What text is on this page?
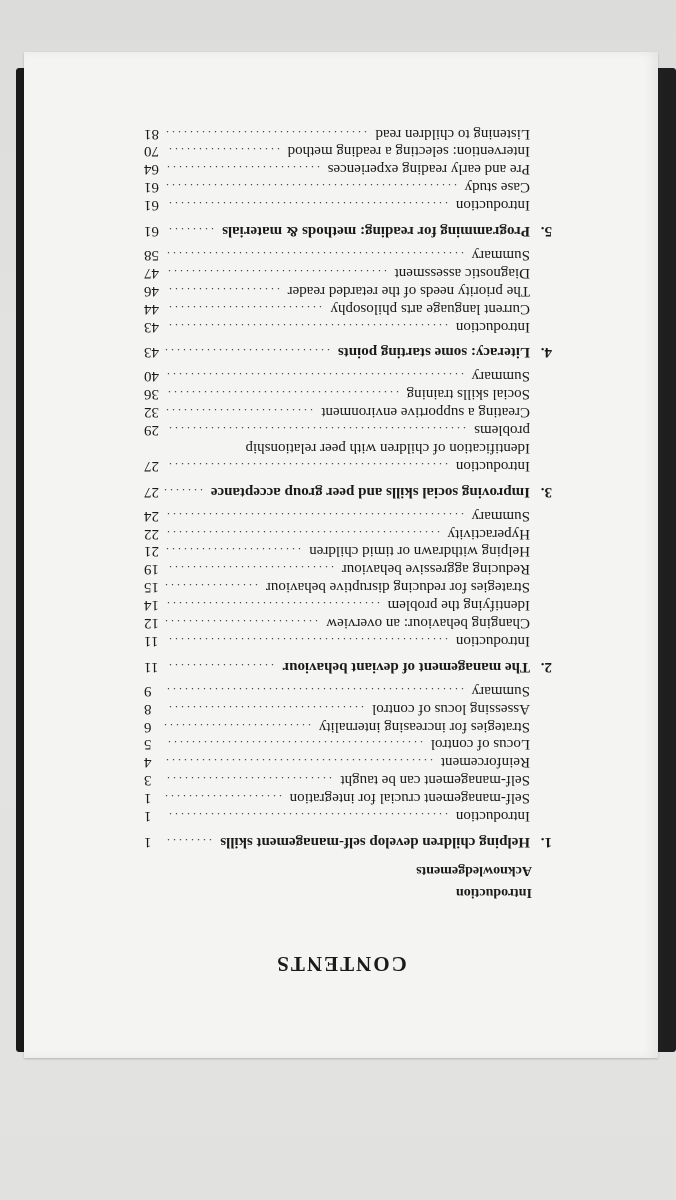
CONTENTS
Introduction
Acknowledgements
1.
Helping children develop self-management skills
........
1
Introduction
...............................................
1
Self-management crucial for integration
....................
1
Self-management can be taught
............................
3
Reinforcement
.............................................
4
Locus of control
...........................................
5
Strategies for increasing internality
.........................
6
Assessing locus of control
.................................
8
Summary
..................................................
9
2.
The management of deviant behaviour
..................
11
Introduction
...............................................
11
Changing behaviour: an overview
..........................
12
Identifying the problem
....................................
14
Strategies for reducing disruptive behaviour
................
15
Reducing aggressive behaviour
............................
19
Helping withdrawn or timid children
.......................
21
Hyperactivity
..............................................
22
Summary
..................................................
24
3.
Improving social skills and peer group acceptance
.......
27
Introduction
...............................................
27
Identification of children with peer relationship
problems
..................................................
29
Creating a supportive environment
.........................
32
Social skills training
.......................................
36
Summary
..................................................
40
4.
Literacy: some starting points
............................
43
Introduction
...............................................
43
Current language arts philosophy
..........................
44
The priority needs of the retarded reader
...................
46
Diagnostic assessment
.....................................
47
Summary
..................................................
58
5.
Programming for reading: methods & materials
........
61
Introduction
...............................................
61
Case study
.................................................
61
Pre and early reading experiences
..........................
64
Intervention: selecting a reading method
...................
70
Listening to children read
..................................
81
